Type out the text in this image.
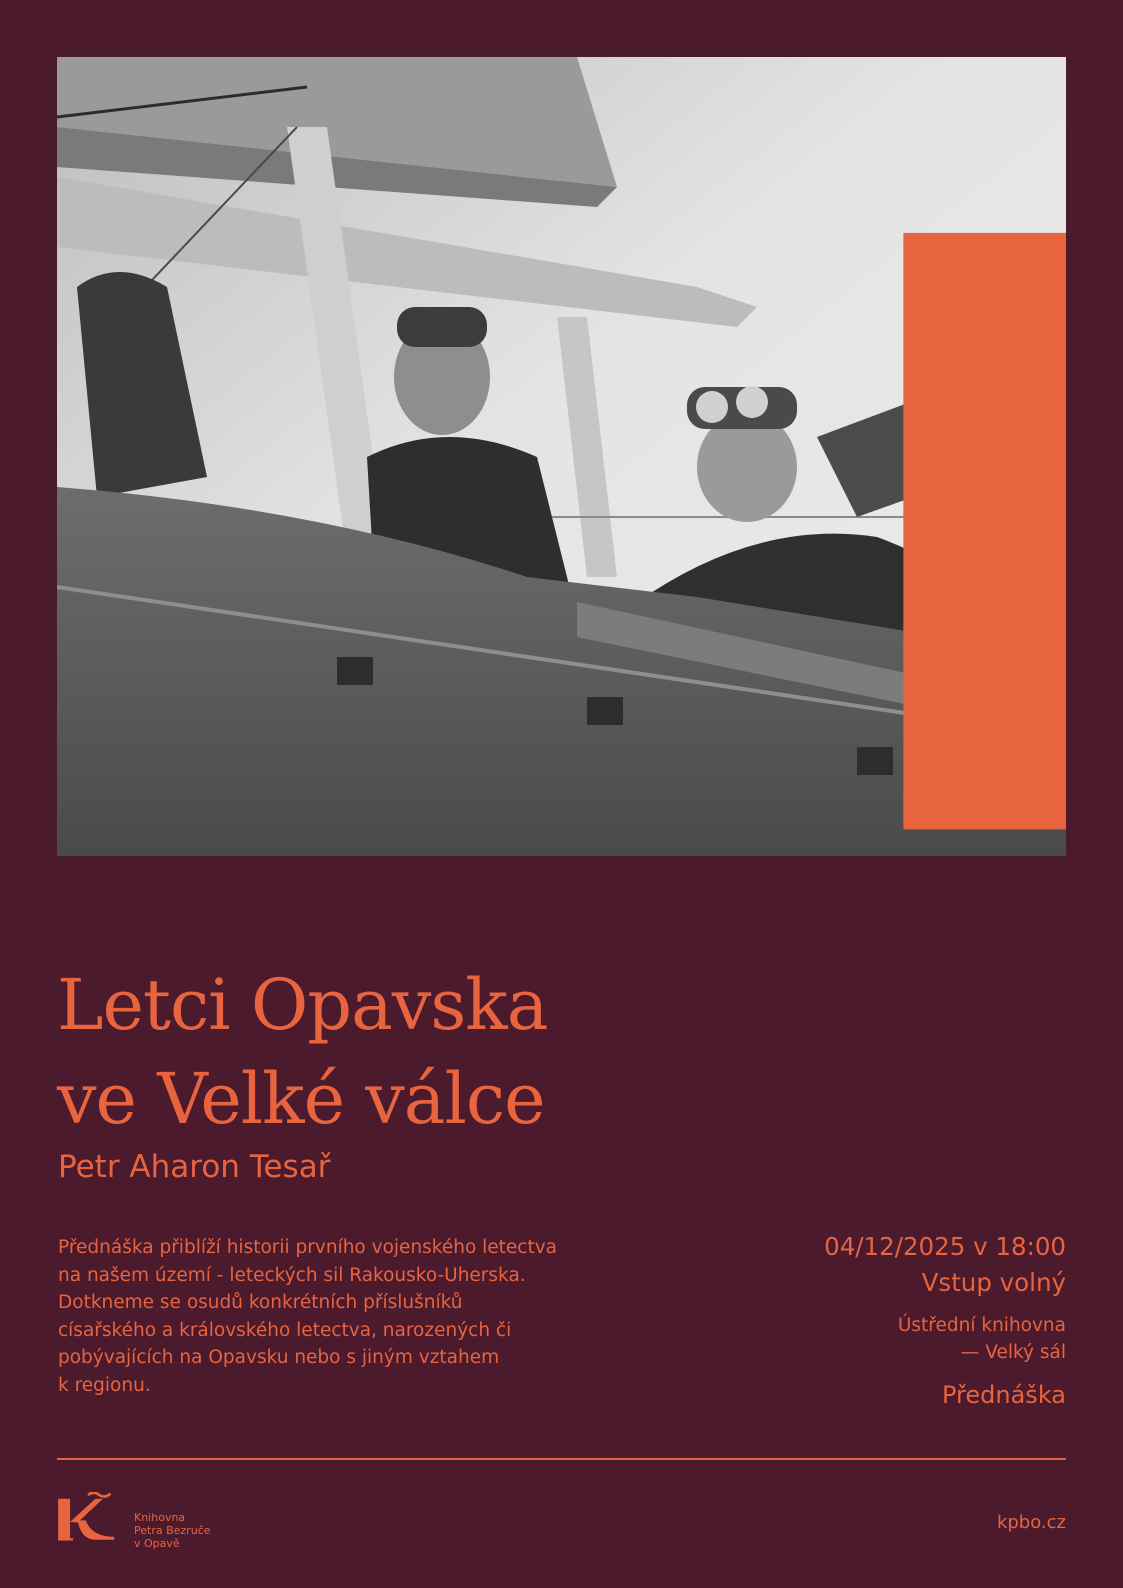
Letci Opavska
ve Velké válce
Petr Aharon Tesař
Přednáška přiblíží historii prvního vojenského letectva
na našem území - leteckých sil Rakousko-Uherska.
Dotkneme se osudů konkrétních příslušníků
císařského a královského letectva, narozených či
pobývajících na Opavsku nebo s jiným vztahem
k regionu.
04/12/2025 v 18:00
Vstup volný
Ústřední knihovna
— Velký sál
Přednáška
Knihovna
Petra Bezruče
v Opavě
kpbo.cz
